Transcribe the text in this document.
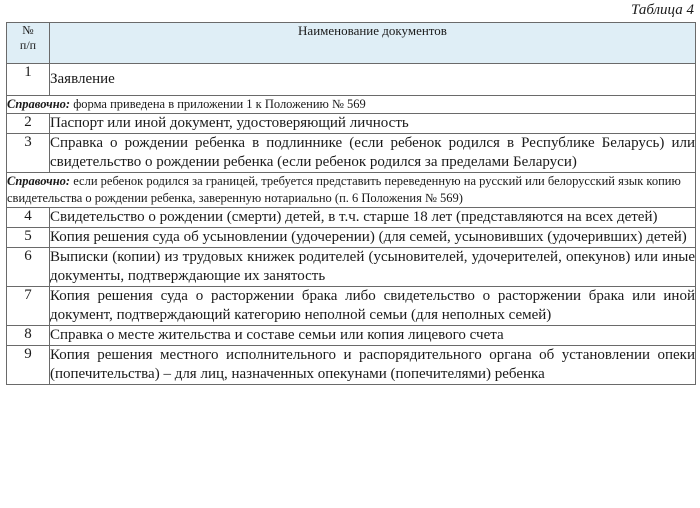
Таблица 4
№
п/п	Наименование документов
1	Заявление
Справочно: форма приведена в приложении 1 к Положению № 569	
2	Паспорт или иной документ, удостоверяющий личность
3	Справка о рождении ребенка в подлиннике (если ребенок родился в Республике Беларусь) или свидетельство о рождении ребенка (если ребенок родился за пределами Беларуси)
Справочно: если ребенок родился за границей, требуется представить переведенную на русский или белорусский язык копию свидетельства о рождении ребенка, заверенную нотариально (п. 6 Положения № 569)	
4	Свидетельство о рождении (смерти) детей, в т.ч. старше 18 лет (представляются на всех детей)
5	Копия решения суда об усыновлении (удочерении) (для семей, усыновивших (удочеривших) детей)
6	Выписки (копии) из трудовых книжек родителей (усыновителей, удочерителей, опекунов) или иные документы, подтверждающие их занятость
7	Копия решения суда о расторжении брака либо свидетельство о расторжении брака или иной документ, подтверждающий категорию неполной семьи (для неполных семей)
8	Справка о месте жительства и составе семьи или копия лицевого счета
9	Копия решения местного исполнительного и распорядительного органа об установлении опеки (попечительства) – для лиц, назначенных опекунами (попечителями) ребенка
